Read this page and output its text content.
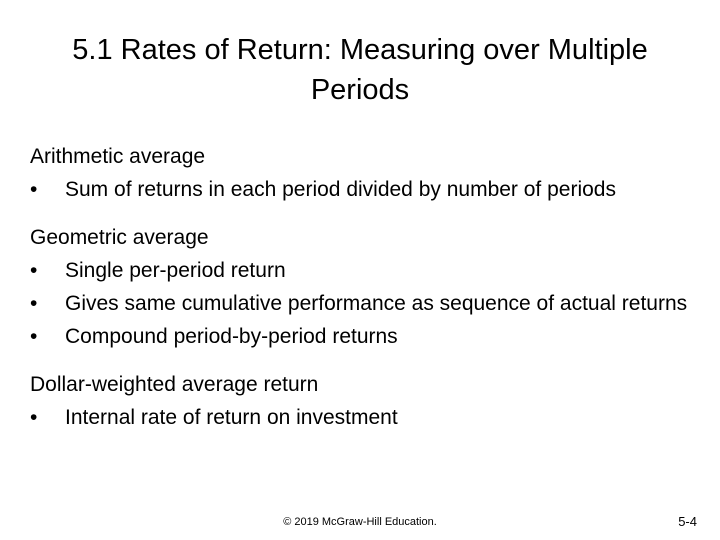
5.1 Rates of Return: Measuring over Multiple Periods
Arithmetic average
•	Sum of returns in each period divided by number of periods
Geometric average
•	Single per-period return
•	Gives same cumulative performance as sequence of actual returns
•	Compound period-by-period returns
Dollar-weighted average return
•	Internal rate of return on investment
© 2019 McGraw-Hill Education.	5-4
